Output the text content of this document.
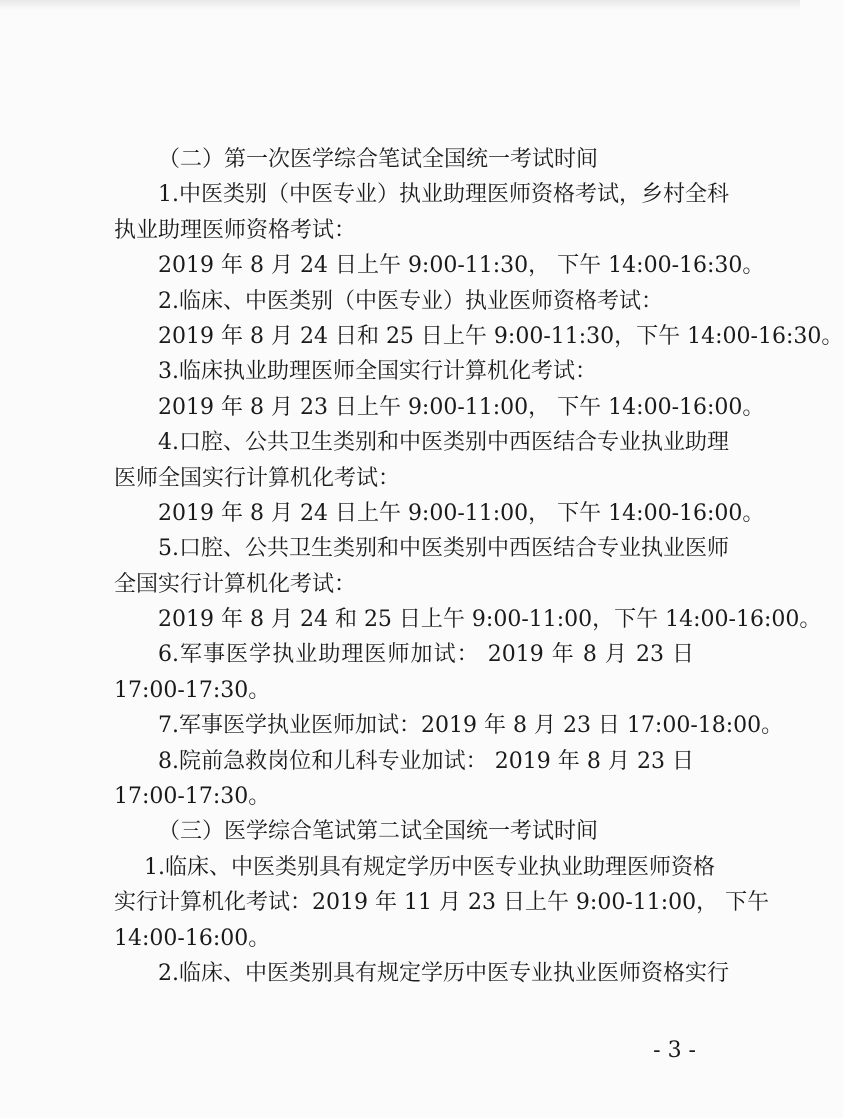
（二）第一次医学综合笔试全国统一考试时间
1.中医类别（中医专业）执业助理医师资格考试，乡村全科
执业助理医师资格考试：
2019 年 8 月 24 日上午 9:00-11:30， 下午 14:00-16:30。
2.临床、中医类别（中医专业）执业医师资格考试：
2019 年 8 月 24 日和 25 日上午 9:00-11:30，下午 14:00-16:30。
3.临床执业助理医师全国实行计算机化考试：
2019 年 8 月 23 日上午 9:00-11:00， 下午 14:00-16:00。
4.口腔、公共卫生类别和中医类别中西医结合专业执业助理
医师全国实行计算机化考试：
2019 年 8 月 24 日上午 9:00-11:00， 下午 14:00-16:00。
5.口腔、公共卫生类别和中医类别中西医结合专业执业医师
全国实行计算机化考试：
2019 年 8 月 24 和 25 日上午 9:00-11:00，下午 14:00-16:00。
6.军事医学执业助理医师加试： 2019 年 8 月 23 日
17:00-17:30。
7.军事医学执业医师加试：2019 年 8 月 23 日 17:00-18:00。
8.院前急救岗位和儿科专业加试： 2019 年 8 月 23 日
17:00-17:30。
（三）医学综合笔试第二试全国统一考试时间
1.临床、中医类别具有规定学历中医专业执业助理医师资格
实行计算机化考试：2019 年 11 月 23 日上午 9:00-11:00， 下午
14:00-16:00。
2.临床、中医类别具有规定学历中医专业执业医师资格实行
- 3 -
